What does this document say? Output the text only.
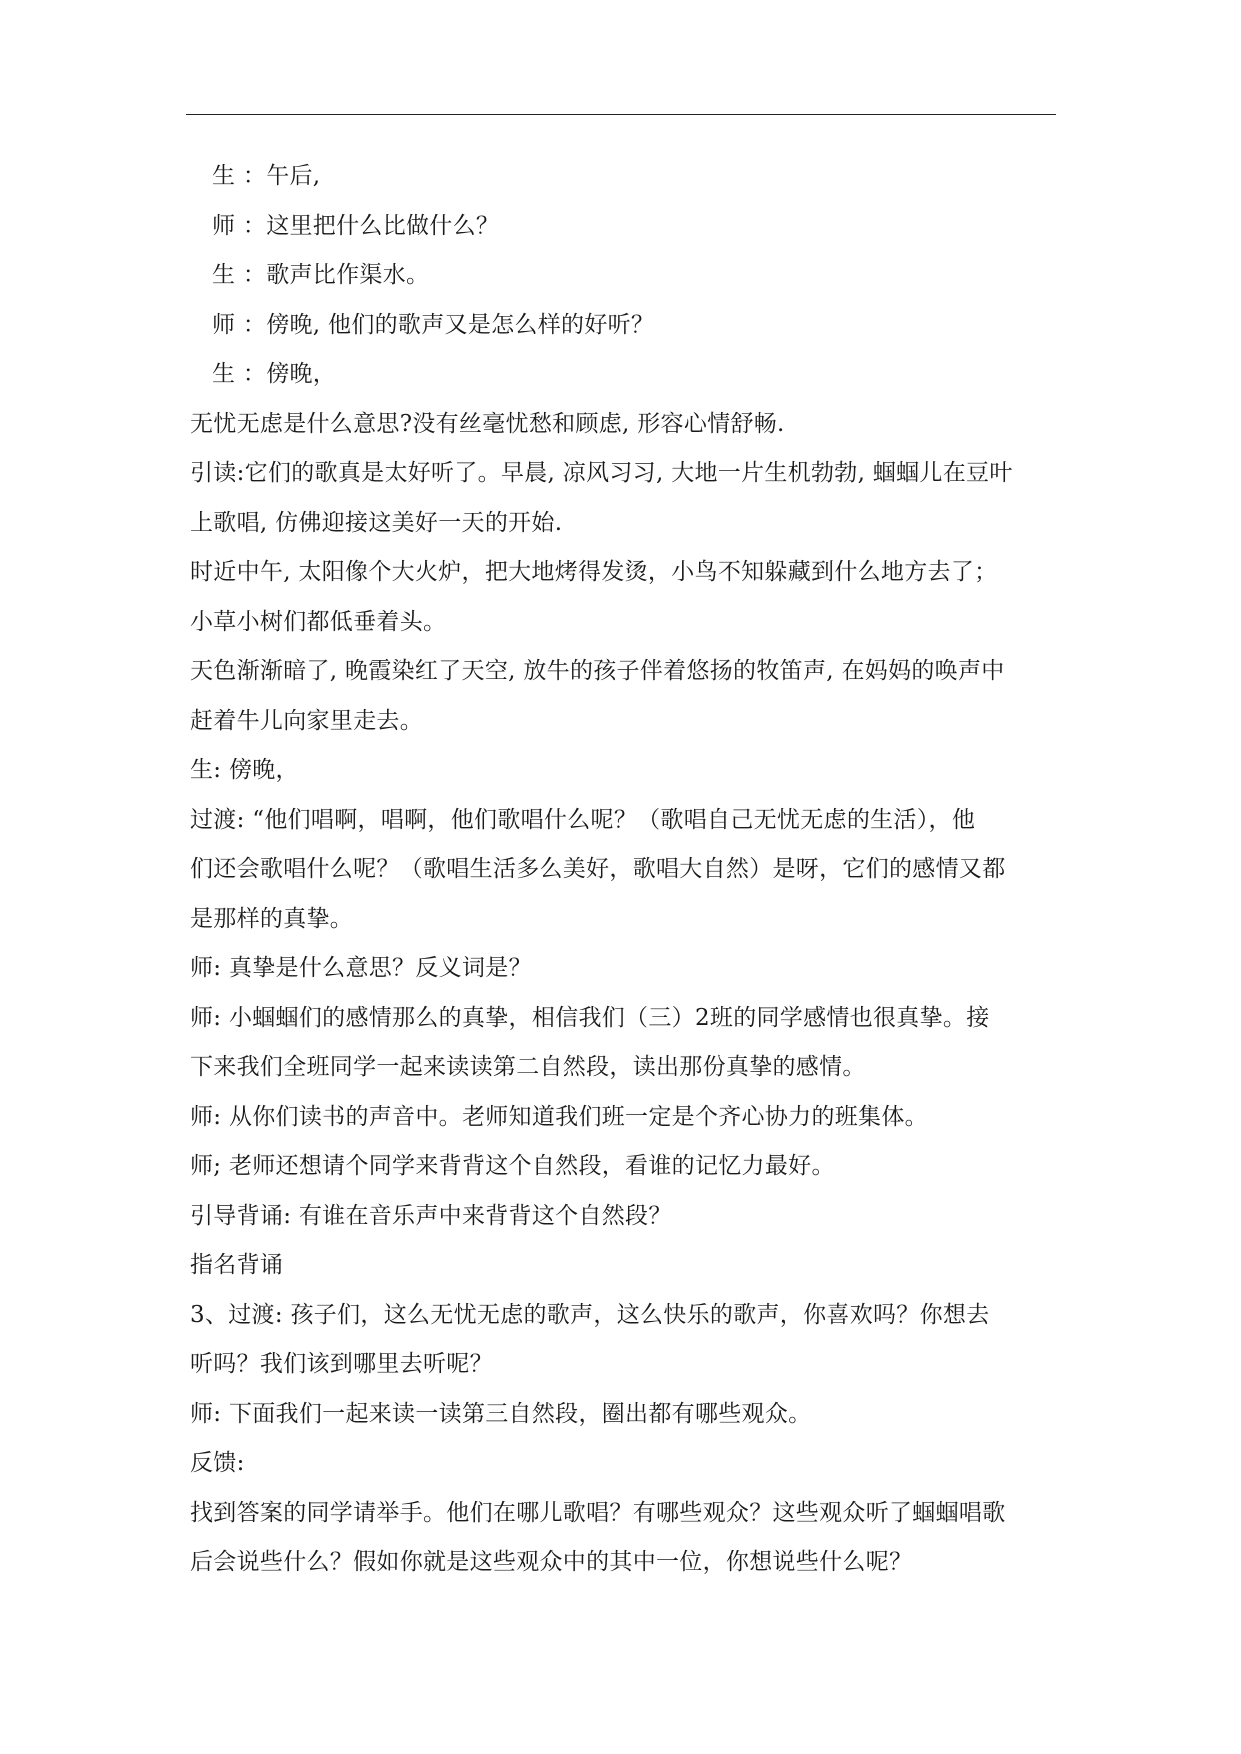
生 ：午后,
师 ：这里把什么比做什么？
生 ：歌声比作渠水。
师 ：傍晚, 他们的歌声又是怎么样的好听？
生 ：傍晚，
无忧无虑是什么意思?没有丝毫忧愁和顾虑, 形容心情舒畅.
引读:它们的歌真是太好听了。早晨, 凉风习习, 大地一片生机勃勃, 蝈蝈儿在豆叶
上歌唱, 仿佛迎接这美好一天的开始.
时近中午, 太阳像个大火炉，把大地烤得发烫，小鸟不知躲藏到什么地方去了；
小草小树们都低垂着头。
天色渐渐暗了, 晚霞染红了天空, 放牛的孩子伴着悠扬的牧笛声, 在妈妈的唤声中
赶着牛儿向家里走去。
生: 傍晚，
过渡: “他们唱啊，唱啊，他们歌唱什么呢？（歌唱自己无忧无虑的生活），他
们还会歌唱什么呢？（歌唱生活多么美好，歌唱大自然）是呀，它们的感情又都
是那样的真挚。
师: 真挚是什么意思？反义词是？
师: 小蝈蝈们的感情那么的真挚，相信我们（三）2班的同学感情也很真挚。接
下来我们全班同学一起来读读第二自然段，读出那份真挚的感情。
师: 从你们读书的声音中。老师知道我们班一定是个齐心协力的班集体。
师; 老师还想请个同学来背背这个自然段，看谁的记忆力最好。
引导背诵: 有谁在音乐声中来背背这个自然段？
指名背诵
3、过渡: 孩子们，这么无忧无虑的歌声，这么快乐的歌声，你喜欢吗？你想去
听吗？我们该到哪里去听呢？
师: 下面我们一起来读一读第三自然段，圈出都有哪些观众。
反馈:
找到答案的同学请举手。他们在哪儿歌唱？有哪些观众？这些观众听了蝈蝈唱歌
后会说些什么？假如你就是这些观众中的其中一位，你想说些什么呢？
